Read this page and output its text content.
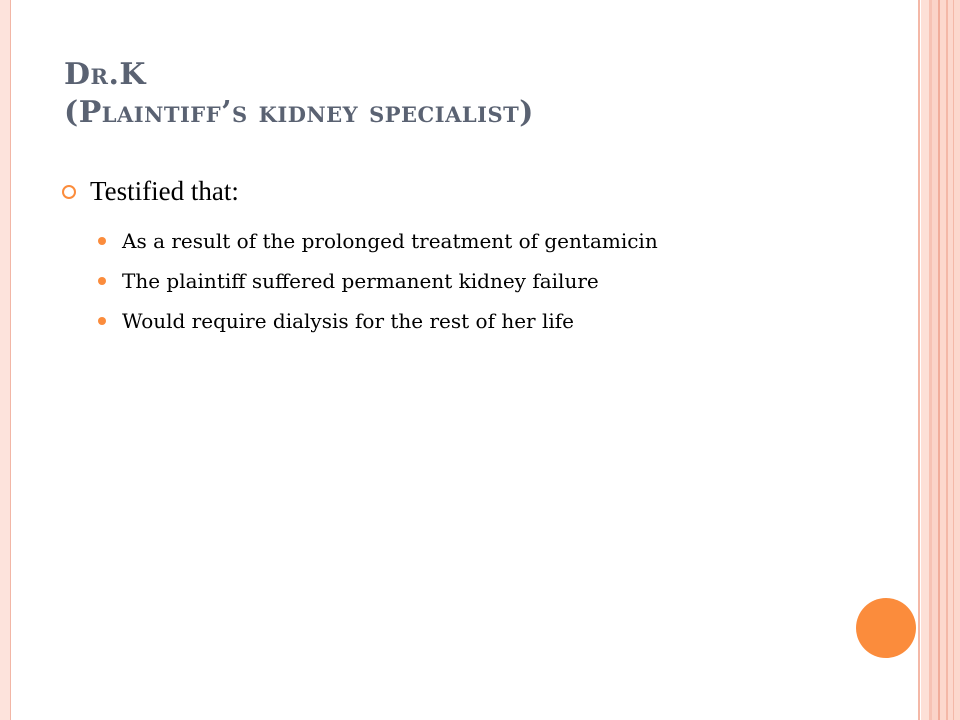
Dr.K
(Plaintiff’s kidney specialist)
Testified that:
As a result of the prolonged treatment of gentamicin
The plaintiff suffered permanent kidney failure
Would require dialysis for the rest of her life
